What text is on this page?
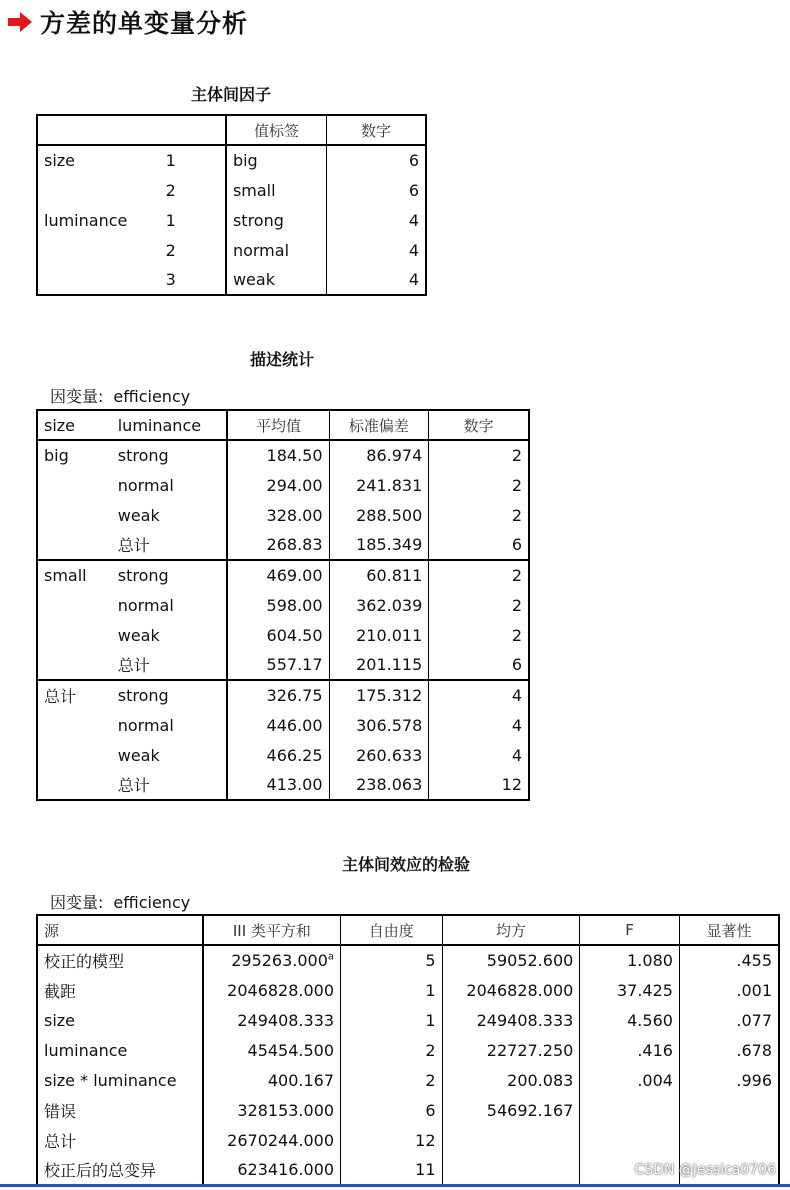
方差的单变量分析
主体间因子
		值标签	数字
size	1	big	6
	2	small	6
luminance	1	strong	4
	2	normal	4
	3	weak	4
描述统计
因变量: efficiency
size	luminance	平均值	标准偏差	数字
big	strong	184.50	86.974	2
	normal	294.00	241.831	2
	weak	328.00	288.500	2
	总计	268.83	185.349	6
small	strong	469.00	60.811	2
	normal	598.00	362.039	2
	weak	604.50	210.011	2
	总计	557.17	201.115	6
总计	strong	326.75	175.312	4
	normal	446.00	306.578	4
	weak	466.25	260.633	4
	总计	413.00	238.063	12
主体间效应的检验
因变量: efficiency
源	III 类平方和	自由度	均方	F	显著性
校正的模型	295263.000$^a$	5	59052.600	1.080	.455
截距	2046828.000	1	2046828.000	37.425	.001
size	249408.333	1	249408.333	4.560	.077
luminance	45454.500	2	22727.250	.416	.678
size * luminance	400.167	2	200.083	.004	.996
错误	328153.000	6	54692.167		
总计	2670244.000	12			
校正后的总变异	623416.000	11				CSDN @Jessica0706
